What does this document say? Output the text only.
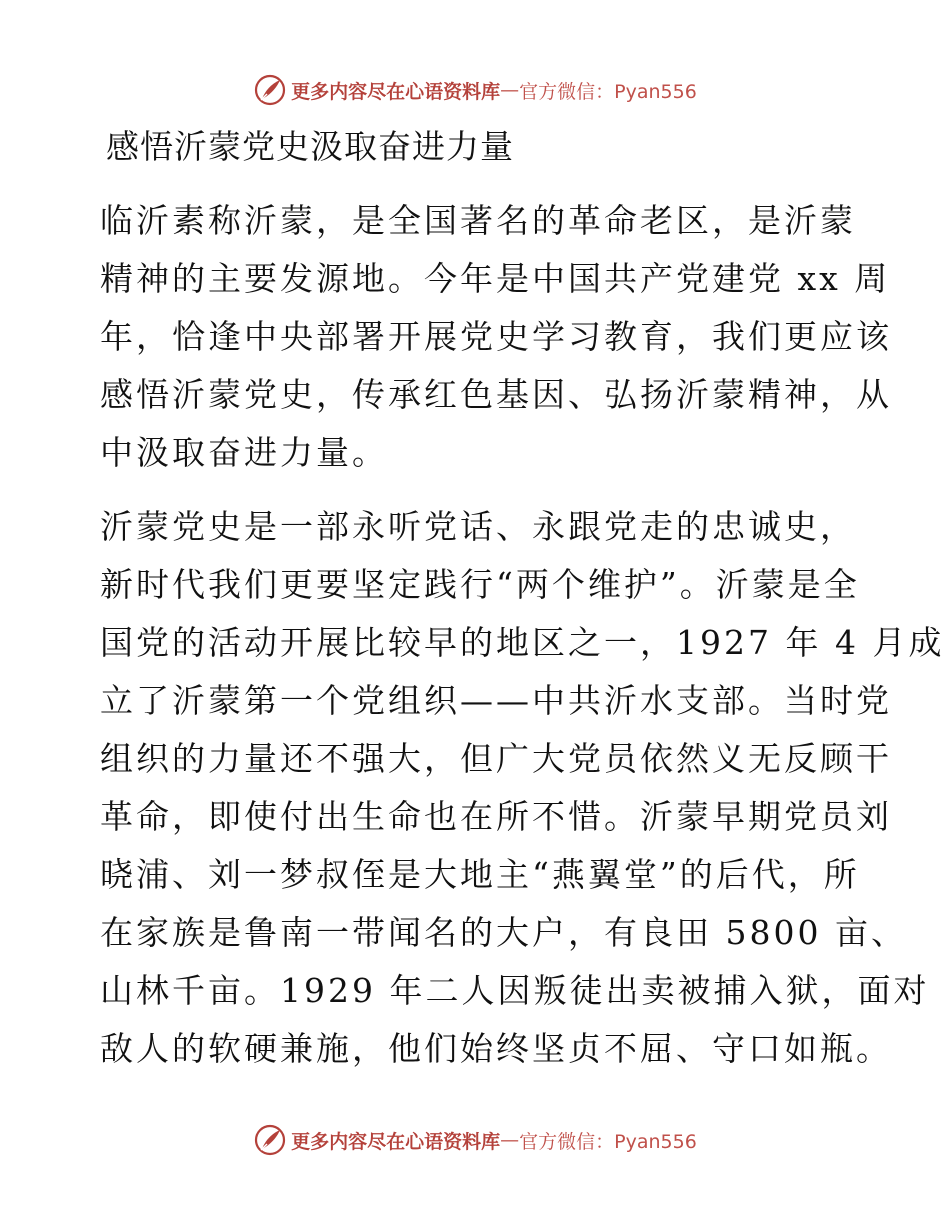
更多内容尽在心语资料库 — 官方微信：Pyan556
感悟沂蒙党史汲取奋进力量
临沂素称沂蒙，是全国著名的革命老区，是沂蒙
精神的主要发源地。今年是中国共产党建党 xx 周
年，恰逢中央部署开展党史学习教育，我们更应该
感悟沂蒙党史，传承红色基因、弘扬沂蒙精神，从
中汲取奋进力量。
沂蒙党史是一部永听党话、永跟党走的忠诚史，
新时代我们更要坚定践行“两个维护”。沂蒙是全
国党的活动开展比较早的地区之一，1927 年 4 月成
立了沂蒙第一个党组织——中共沂水支部。当时党
组织的力量还不强大，但广大党员依然义无反顾干
革命，即使付出生命也在所不惜。沂蒙早期党员刘
晓浦、刘一梦叔侄是大地主“燕翼堂”的后代，所
在家族是鲁南一带闻名的大户，有良田 5800 亩、
山林千亩。1929 年二人因叛徒出卖被捕入狱，面对
敌人的软硬兼施，他们始终坚贞不屈、守口如瓶。
更多内容尽在心语资料库 — 官方微信：Pyan556
